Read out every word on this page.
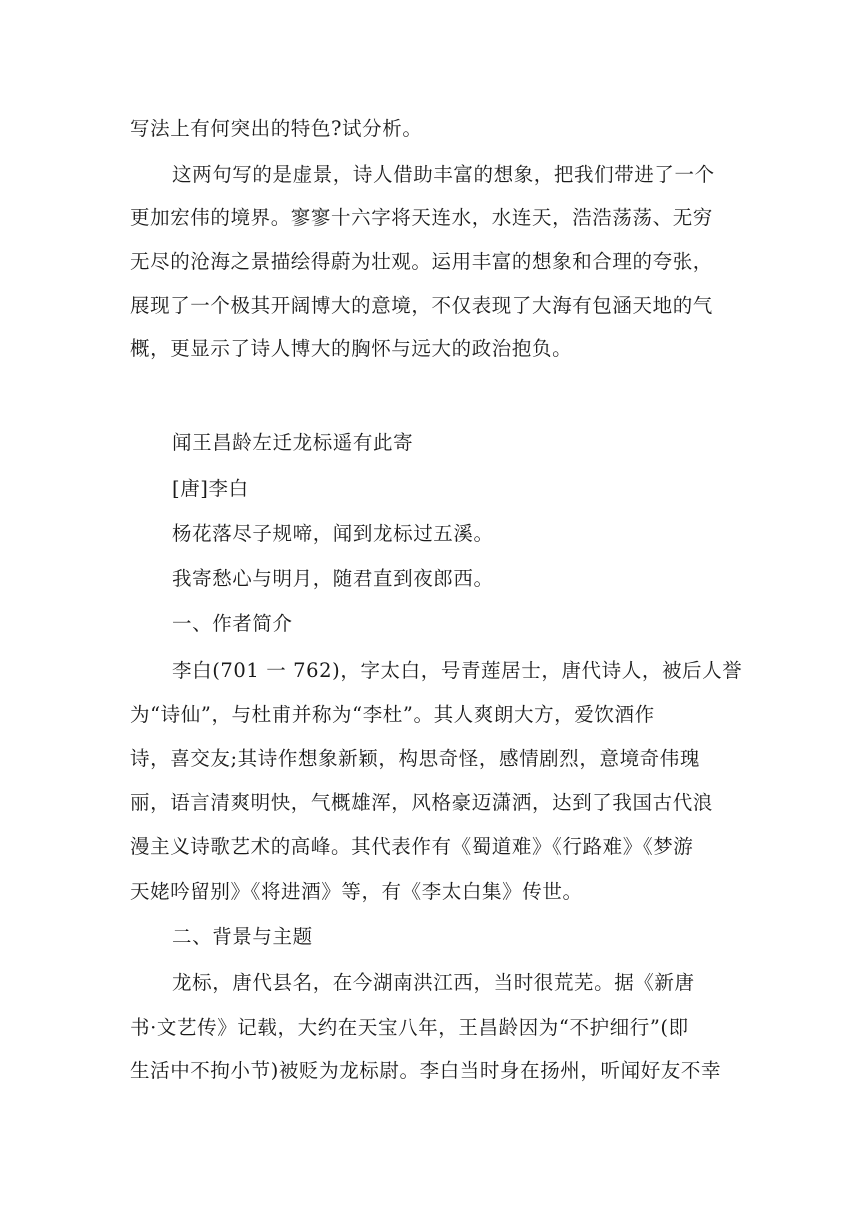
写法上有何突出的特色?试分析。
这两句写的是虚景，诗人借助丰富的想象，把我们带进了一个
更加宏伟的境界。寥寥十六字将天连水，水连天，浩浩荡荡、无穷
无尽的沧海之景描绘得蔚为壮观。运用丰富的想象和合理的夸张，
展现了一个极其开阔博大的意境，不仅表现了大海有包涵天地的气
概，更显示了诗人博大的胸怀与远大的政治抱负。
闻王昌龄左迁龙标遥有此寄
[唐]李白
杨花落尽子规啼，闻到龙标过五溪。
我寄愁心与明月，随君直到夜郎西。
一、作者简介
李白(701 一 762)，字太白，号青莲居士，唐代诗人，被后人誉
为“诗仙”，与杜甫并称为“李杜”。其人爽朗大方，爱饮酒作
诗，喜交友;其诗作想象新颖，构思奇怪，感情剧烈，意境奇伟瑰
丽，语言清爽明快，气概雄浑，风格豪迈潇洒，达到了我国古代浪
漫主义诗歌艺术的高峰。其代表作有《蜀道难》《行路难》《梦游
天姥吟留别》《将进酒》等，有《李太白集》传世。
二、背景与主题
龙标，唐代县名，在今湖南洪江西，当时很荒芜。据《新唐
书·文艺传》记载，大约在天宝八年，王昌龄因为“不护细行”(即
生活中不拘小节)被贬为龙标尉。李白当时身在扬州，听闻好友不幸
